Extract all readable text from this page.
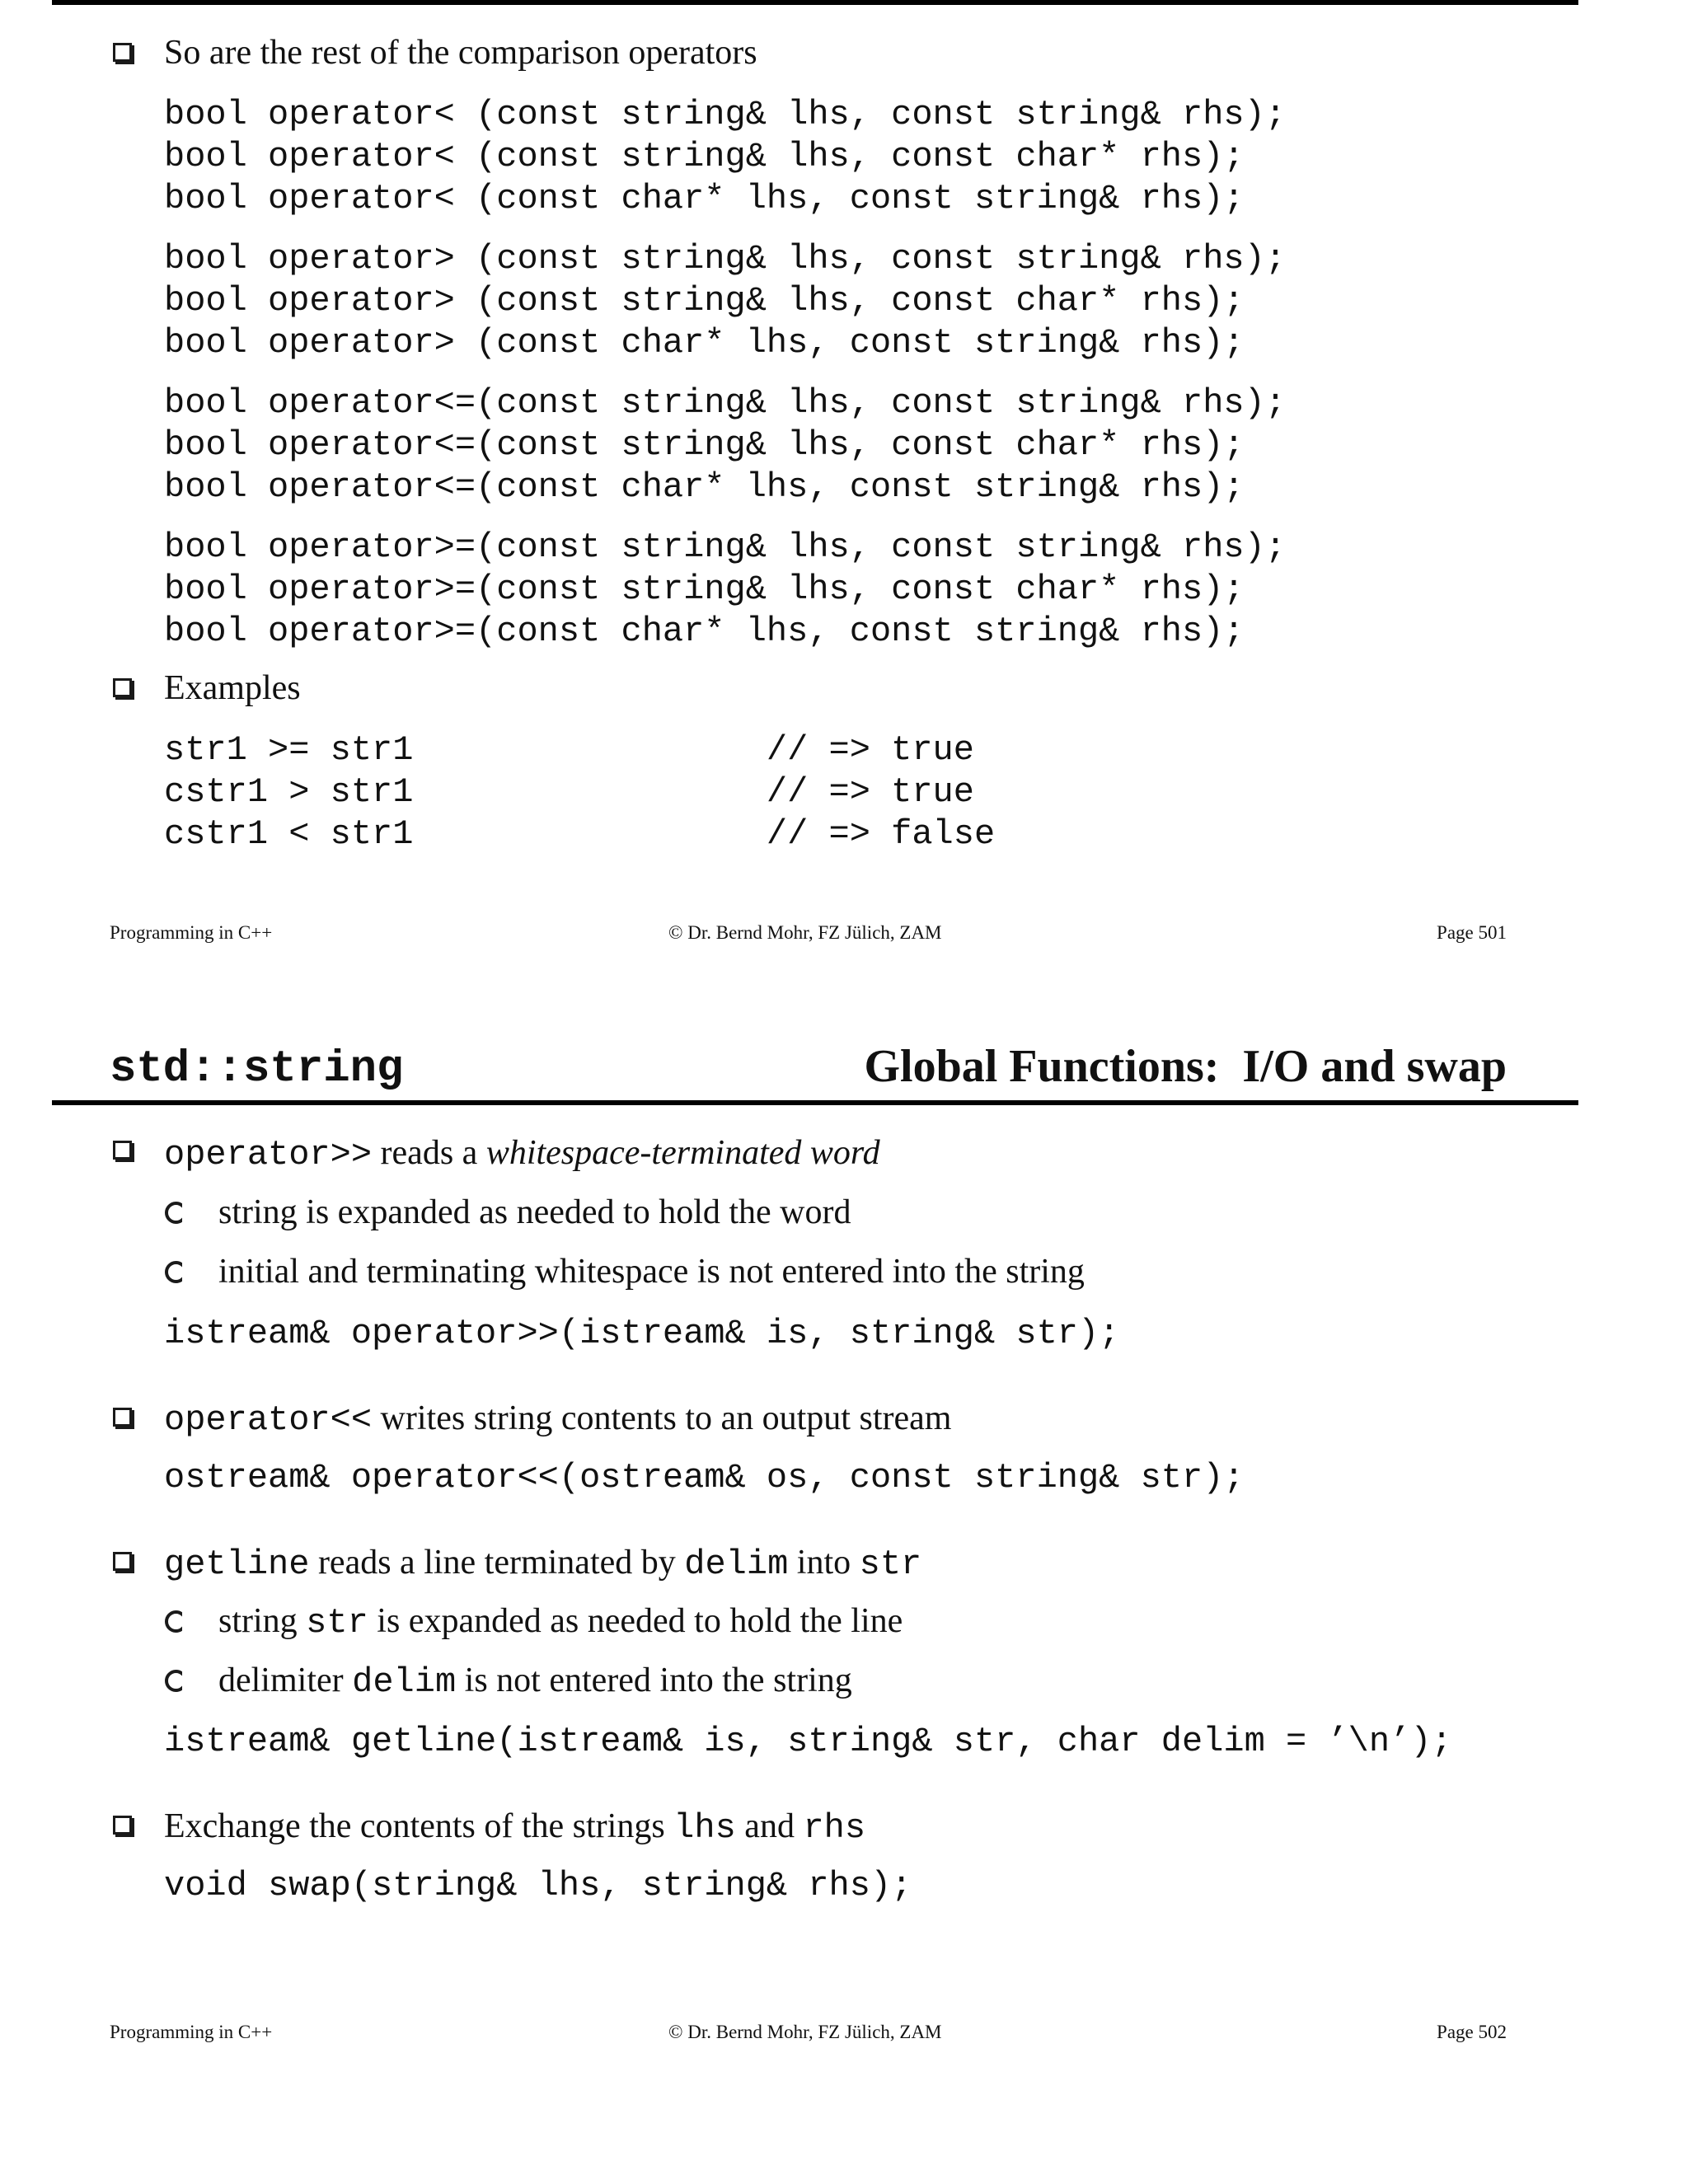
So are the rest of the comparison operators
bool operator< (const string& lhs, const string& rhs);
bool operator< (const string& lhs, const char* rhs);
bool operator< (const char* lhs, const string& rhs);
bool operator> (const string& lhs, const string& rhs);
bool operator> (const string& lhs, const char* rhs);
bool operator> (const char* lhs, const string& rhs);
bool operator<=(const string& lhs, const string& rhs);
bool operator<=(const string& lhs, const char* rhs);
bool operator<=(const char* lhs, const string& rhs);
bool operator>=(const string& lhs, const string& rhs);
bool operator>=(const string& lhs, const char* rhs);
bool operator>=(const char* lhs, const string& rhs);
Examples
str1 >= str1                 // => true
cstr1 > str1                 // => true
cstr1 < str1                 // => false
Programming in C++	© Dr. Bernd Mohr, FZ Jülich, ZAM	Page 501
std::string	Global Functions:  I/O and swap
operator>> reads a whitespace-terminated word
string is expanded as needed to hold the word
initial and terminating whitespace is not entered into the string
istream& operator>>(istream& is, string& str);
operator<< writes string contents to an output stream
ostream& operator<<(ostream& os, const string& str);
getline reads a line terminated by delim into str
string str is expanded as needed to hold the line
delimiter delim is not entered into the string
istream& getline(istream& is, string& str, char delim = ’\n’);
Exchange the contents of the strings lhs and rhs
void swap(string& lhs, string& rhs);
Programming in C++	© Dr. Bernd Mohr, FZ Jülich, ZAM	Page 502
